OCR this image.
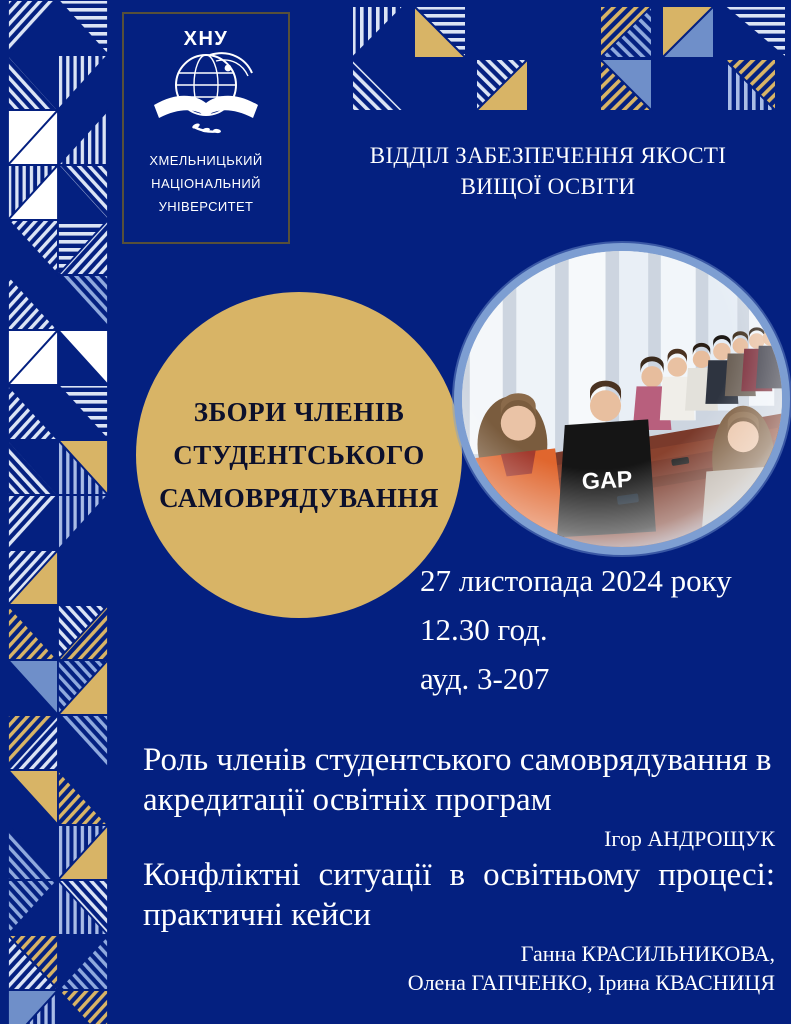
ХНУ
ХМЕЛЬНИЦЬКИЙ
НАЦІОНАЛЬНИЙ
УНІВЕРСИТЕТ
ВІДДІЛ ЗАБЕЗПЕЧЕННЯ ЯКОСТІ
ВИЩОЇ ОСВІТИ
ЗБОРИ ЧЛЕНІВ
СТУДЕНТСЬКОГО
САМОВРЯДУВАННЯ
27 листопада 2024 року
12.30 год.
ауд. 3-207
Роль членів студентського самоврядування в акредитації освітніх програм
Ігор АНДРОЩУК
Конфліктні ситуації в освітньому процесі:
практичні кейси
Ганна КРАСИЛЬНИКОВА,
Олена ГАПЧЕНКО, Ірина КВАСНИЦЯ
